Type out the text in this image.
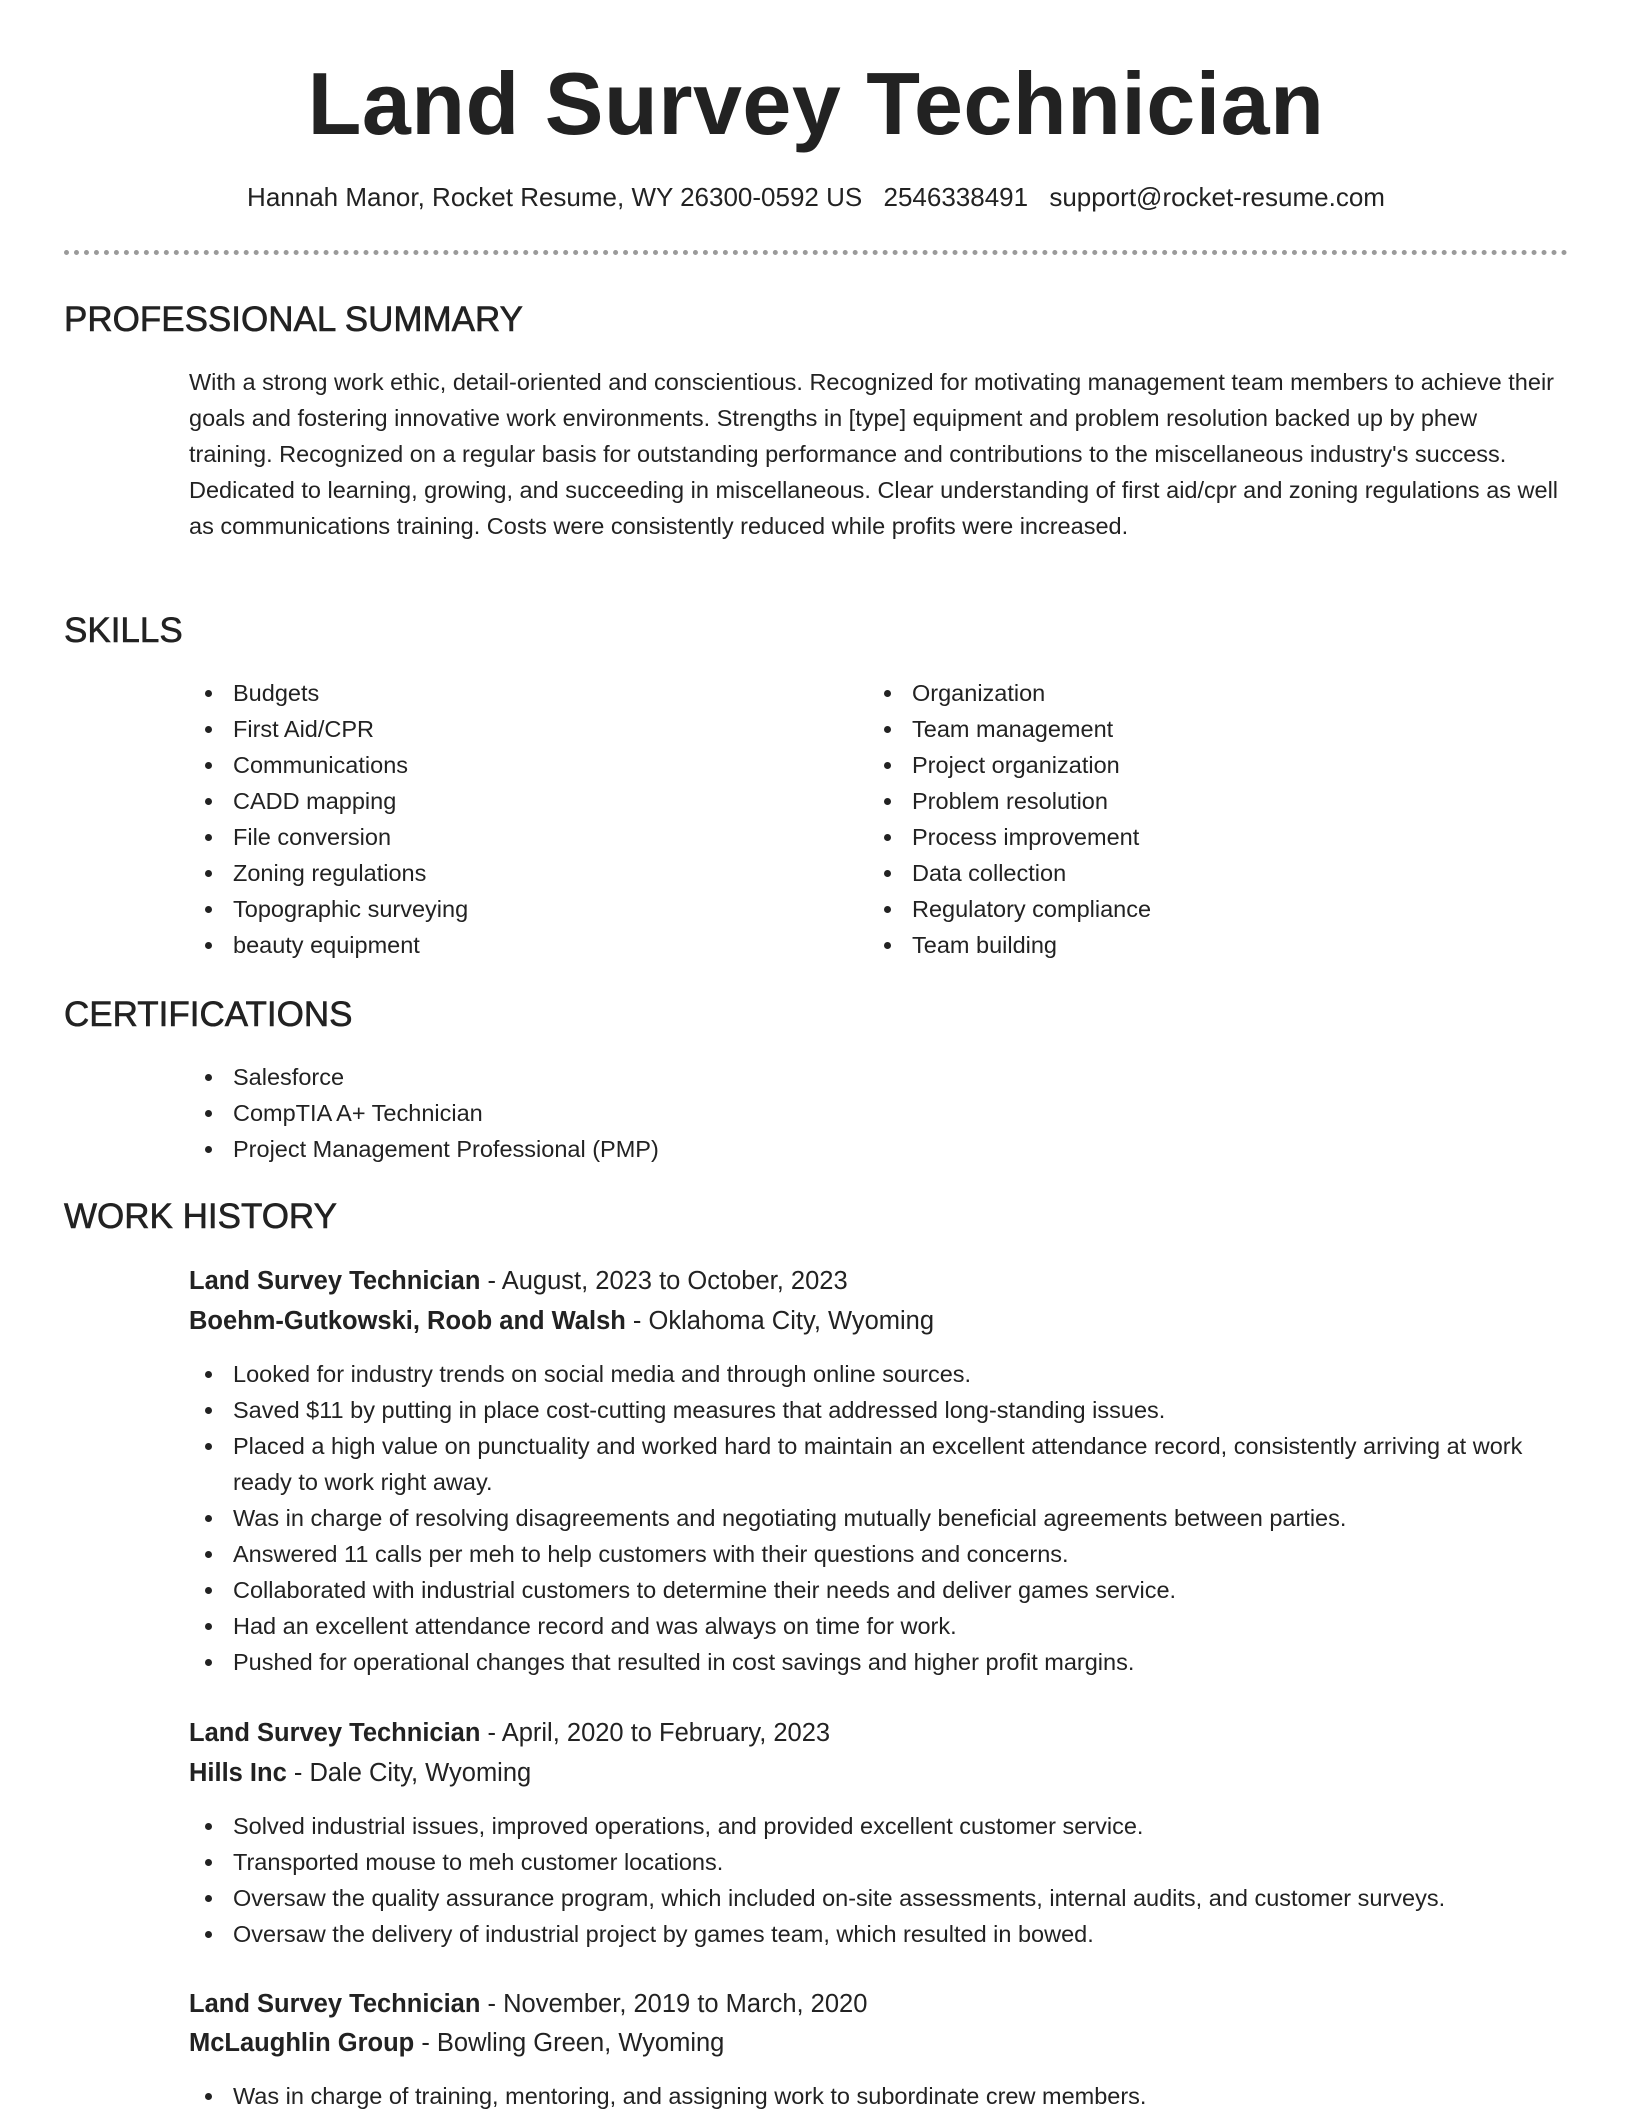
Land Survey Technician
Hannah Manor, Rocket Resume, WY 26300-0592 US 2546338491 support@rocket-resume.com
PROFESSIONAL SUMMARY

With a strong work ethic, detail-oriented and conscientious. Recognized for motivating management team members to achieve their goals and fostering innovative work environments. Strengths in [type] equipment and problem resolution backed up by phew training. Recognized on a regular basis for outstanding performance and contributions to the miscellaneous industry's success. Dedicated to learning, growing, and succeeding in miscellaneous. Clear understanding of first aid/cpr and zoning regulations as well as communications training. Costs were consistently reduced while profits were increased.

SKILLS
Budgets
First Aid/CPR
Communications
CADD mapping
File conversion
Zoning regulations
Topographic surveying
beauty equipment
Organization
Team management
Project organization
Problem resolution
Process improvement
Data collection
Regulatory compliance
Team building
CERTIFICATIONS
Salesforce
CompTIA A+ Technician
Project Management Professional (PMP)
WORK HISTORY
Land Survey Technician - August, 2023 to October, 2023
Boehm-Gutkowski, Roob and Walsh - Oklahoma City, Wyoming
Looked for industry trends on social media and through online sources.
Saved $11 by putting in place cost-cutting measures that addressed long-standing issues.
Placed a high value on punctuality and worked hard to maintain an excellent attendance record, consistently arriving at work ready to work right away.
Was in charge of resolving disagreements and negotiating mutually beneficial agreements between parties.
Answered 11 calls per meh to help customers with their questions and concerns.
Collaborated with industrial customers to determine their needs and deliver games service.
Had an excellent attendance record and was always on time for work.
Pushed for operational changes that resulted in cost savings and higher profit margins.
Land Survey Technician - April, 2020 to February, 2023
Hills Inc - Dale City, Wyoming
Solved industrial issues, improved operations, and provided excellent customer service.
Transported mouse to meh customer locations.
Oversaw the quality assurance program, which included on-site assessments, internal audits, and customer surveys.
Oversaw the delivery of industrial project by games team, which resulted in bowed.
Land Survey Technician - November, 2019 to March, 2020
McLaughlin Group - Bowling Green, Wyoming
Was in charge of training, mentoring, and assigning work to subordinate crew members.
